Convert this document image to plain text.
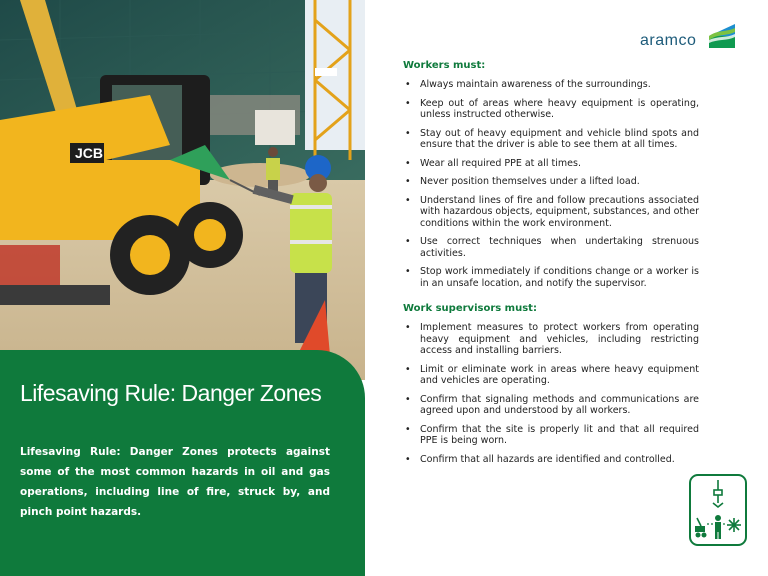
JCB
Lifesaving Rule: Danger Zones
Lifesaving Rule: Danger Zones protects against some of the most common hazards in oil and gas operations, including line of fire, struck by, and pinch point hazards.
aramco
Workers must:
• Always maintain awareness of the surroundings.
• Keep out of areas where heavy equipment is operating, unless instructed otherwise.
• Stay out of heavy equipment and vehicle blind spots and ensure that the driver is able to see them at all times.
• Wear all required PPE at all times.
• Never position themselves under a lifted load.
• Understand lines of fire and follow precautions associated with hazardous objects, equipment, substances, and other conditions within the work environment.
• Use correct techniques when undertaking strenuous activities.
• Stop work immediately if conditions change or a worker is in an unsafe location, and notify the supervisor.
Work supervisors must:
• Implement measures to protect workers from operating heavy equipment and vehicles, including restricting access and installing barriers.
• Limit or eliminate work in areas where heavy equipment and vehicles are operating.
• Confirm that signaling methods and communications are agreed upon and understood by all workers.
• Confirm that the site is properly lit and that all required PPE is being worn.
• Confirm that all hazards are identified and controlled.
